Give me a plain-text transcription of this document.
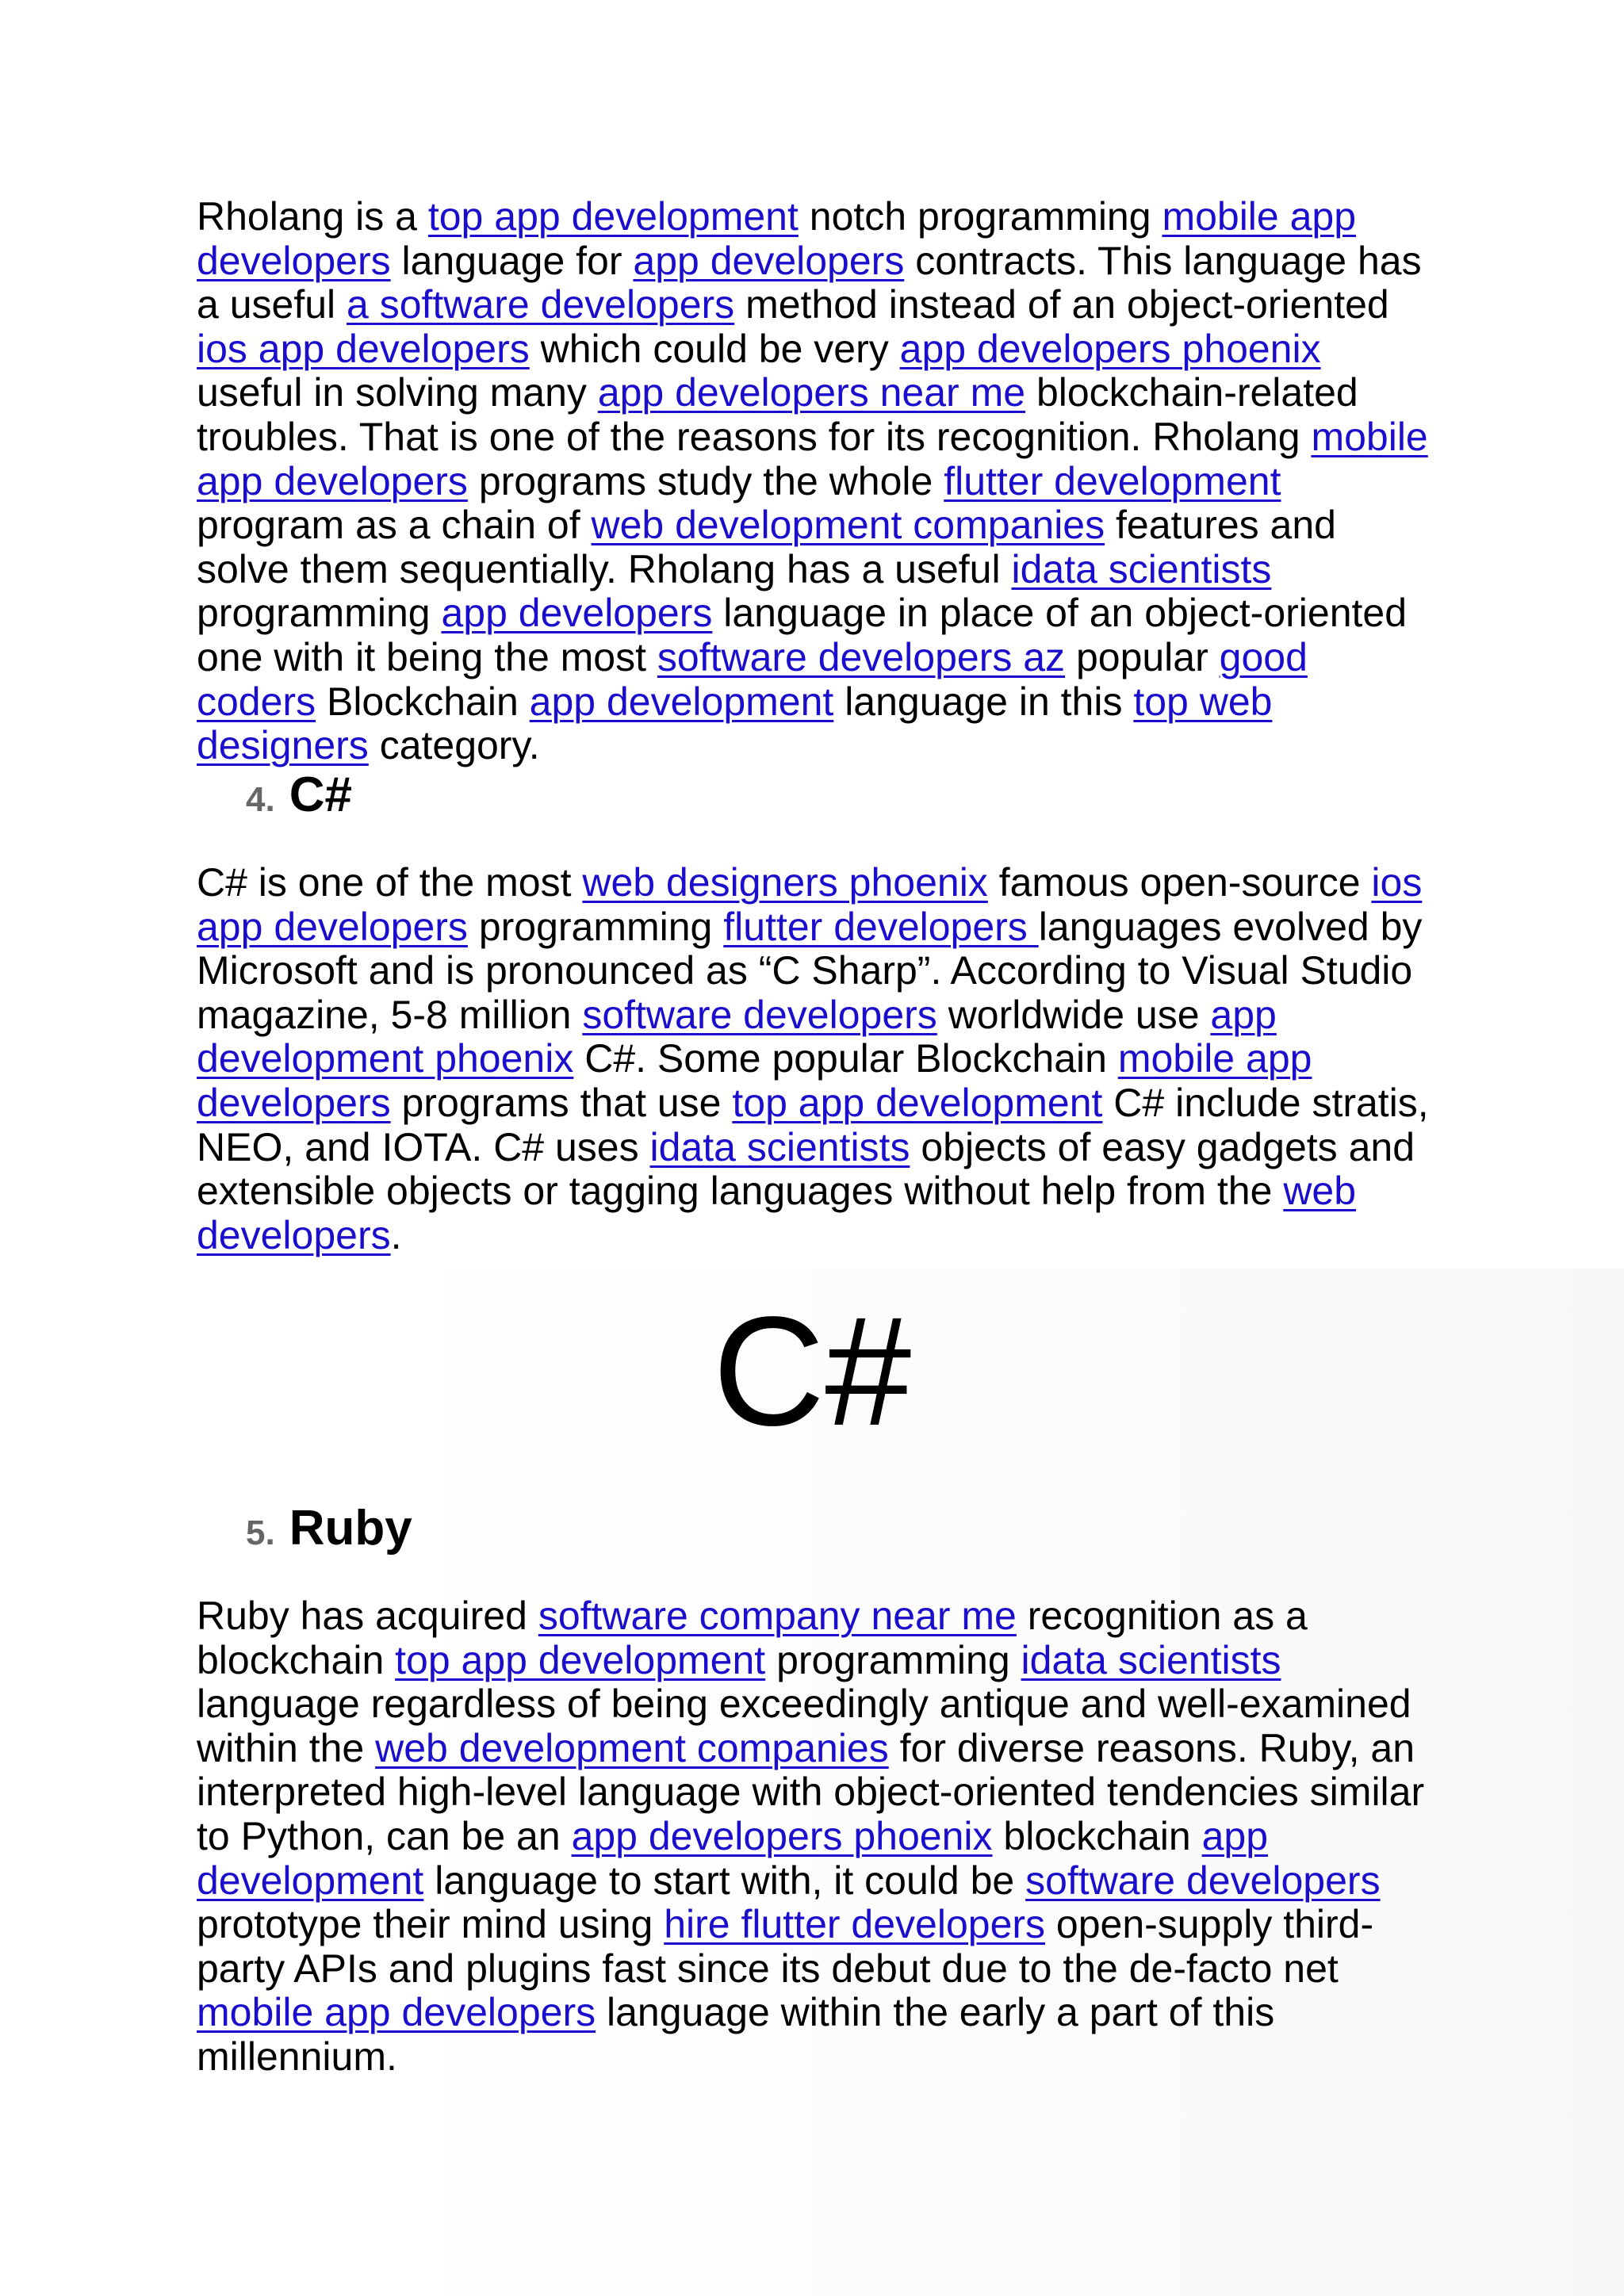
Rholang is a top app development notch programming mobile app developers language for app developers contracts. This language has a useful a software developers method instead of an object-oriented ios app developers which could be very app developers phoenix useful in solving many app developers near me blockchain-related troubles. That is one of the reasons for its recognition. Rholang mobile app developers programs study the whole flutter development program as a chain of web development companies features and solve them sequentially. Rholang has a useful idata scientists programming app developers language in place of an object-oriented one with it being the most software developers az popular good coders Blockchain app development language in this top web designers category.

4. C#

C# is one of the most web designers phoenix famous open-source ios app developers programming flutter developers languages evolved by Microsoft and is pronounced as “C Sharp”. According to Visual Studio magazine, 5-8 million software developers worldwide use app development phoenix C#. Some popular Blockchain mobile app developers programs that use top app development C# include stratis, NEO, and IOTA. C# uses idata scientists objects of easy gadgets and extensible objects or tagging languages without help from the web developers.

C#
5. Ruby

Ruby has acquired software company near me recognition as a blockchain top app development programming idata scientists language regardless of being exceedingly antique and well-examined within the web development companies for diverse reasons. Ruby, an interpreted high-level language with object-oriented tendencies similar to Python, can be an app developers phoenix blockchain app development language to start with, it could be software developers prototype their mind using hire flutter developers open-supply third-party APIs and plugins fast since its debut due to the de-facto net mobile app developers language within the early a part of this millennium.
